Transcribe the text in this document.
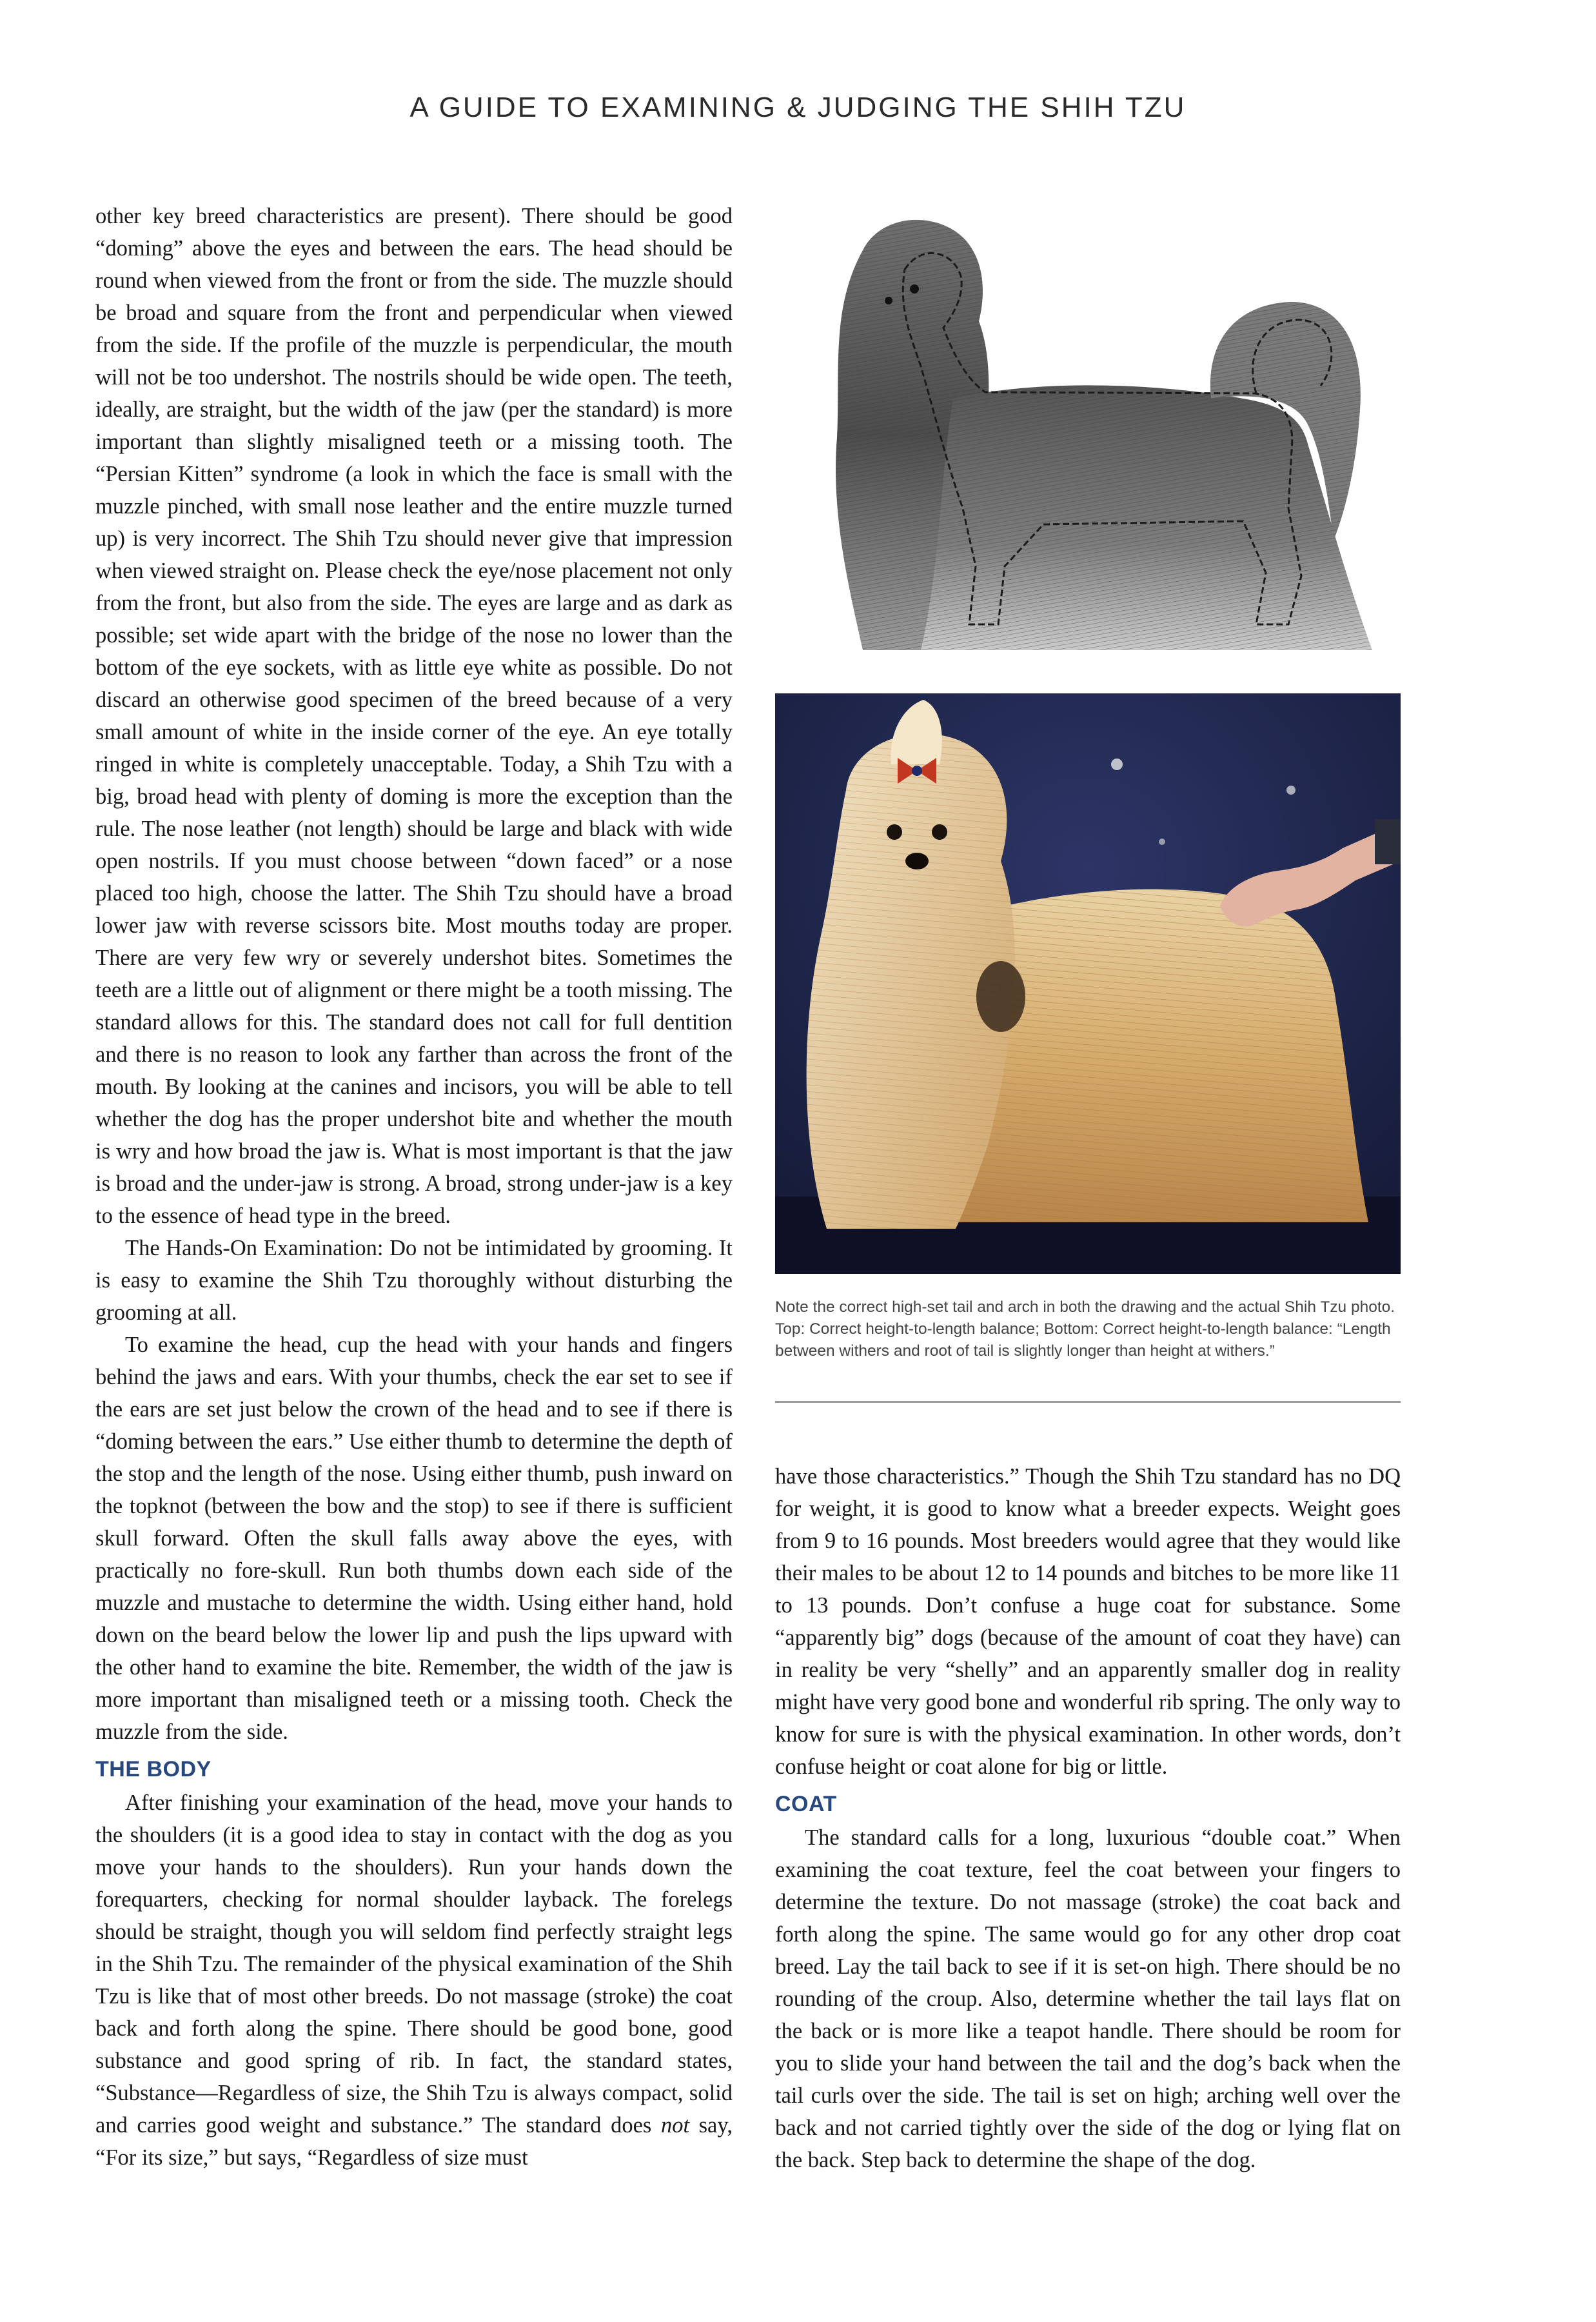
A GUIDE TO EXAMINING & JUDGING THE SHIH TZU

other key breed characteristics are present). There should be good “doming” above the eyes and between the ears. The head should be round when viewed from the front or from the side. The muzzle should be broad and square from the front and perpendicular when viewed from the side. If the profile of the muzzle is perpendicular, the mouth will not be too undershot. The nostrils should be wide open. The teeth, ideally, are straight, but the width of the jaw (per the standard) is more important than slightly misaligned teeth or a missing tooth. The “Persian Kitten” syndrome (a look in which the face is small with the muzzle pinched, with small nose leather and the entire muzzle turned up) is very incorrect. The Shih Tzu should never give that impression when viewed straight on. Please check the eye/nose placement not only from the front, but also from the side. The eyes are large and as dark as possible; set wide apart with the bridge of the nose no lower than the bottom of the eye sockets, with as little eye white as possible. Do not discard an otherwise good specimen of the breed because of a very small amount of white in the inside corner of the eye. An eye totally ringed in white is completely unacceptable. Today, a Shih Tzu with a big, broad head with plenty of doming is more the exception than the rule. The nose leather (not length) should be large and black with wide open nostrils. If you must choose between “down faced” or a nose placed too high, choose the latter. The Shih Tzu should have a broad lower jaw with reverse scissors bite. Most mouths today are proper. There are very few wry or severely undershot bites. Sometimes the teeth are a little out of alignment or there might be a tooth missing. The standard allows for this. The standard does not call for full dentition and there is no reason to look any farther than across the front of the mouth. By looking at the canines and incisors, you will be able to tell whether the dog has the proper undershot bite and whether the mouth is wry and how broad the jaw is. What is most important is that the jaw is broad and the under-jaw is strong. A broad, strong under-jaw is a key to the essence of head type in the breed.

The Hands-On Examination: Do not be intimidated by grooming. It is easy to examine the Shih Tzu thoroughly without disturbing the grooming at all.

To examine the head, cup the head with your hands and fingers behind the jaws and ears. With your thumbs, check the ear set to see if the ears are set just below the crown of the head and to see if there is “doming between the ears.” Use either thumb to determine the depth of the stop and the length of the nose. Using either thumb, push inward on the topknot (between the bow and the stop) to see if there is sufficient skull forward. Often the skull falls away above the eyes, with practically no fore-skull. Run both thumbs down each side of the muzzle and mustache to determine the width. Using either hand, hold down on the beard below the lower lip and push the lips upward with the other hand to examine the bite. Remember, the width of the jaw is more important than misaligned teeth or a missing tooth. Check the muzzle from the side.

THE BODY

After finishing your examination of the head, move your hands to the shoulders (it is a good idea to stay in contact with the dog as you move your hands to the shoulders). Run your hands down the forequarters, checking for normal shoulder layback. The forelegs should be straight, though you will seldom find perfectly straight legs in the Shih Tzu. The remainder of the physical examination of the Shih Tzu is like that of most other breeds. Do not massage (stroke) the coat back and forth along the spine. There should be good bone, good substance and good spring of rib. In fact, the standard states, “Substance—Regardless of size, the Shih Tzu is always compact, solid and carries good weight and substance.” The standard does not say, “For its size,” but says, “Regardless of size must

Note the correct high-set tail and arch in both the drawing and the actual Shih Tzu photo. Top: Correct height-to-length balance; Bottom: Correct height-to-length balance: “Length between withers and root of tail is slightly longer than height at withers.”

have those characteristics.” Though the Shih Tzu standard has no DQ for weight, it is good to know what a breeder expects. Weight goes from 9 to 16 pounds. Most breeders would agree that they would like their males to be about 12 to 14 pounds and bitches to be more like 11 to 13 pounds. Don’t confuse a huge coat for substance. Some “apparently big” dogs (because of the amount of coat they have) can in reality be very “shelly” and an apparently smaller dog in reality might have very good bone and wonderful rib spring. The only way to know for sure is with the physical examination. In other words, don’t confuse height or coat alone for big or little.

COAT

The standard calls for a long, luxurious “double coat.” When examining the coat texture, feel the coat between your fingers to determine the texture. Do not massage (stroke) the coat back and forth along the spine. The same would go for any other drop coat breed. Lay the tail back to see if it is set-on high. There should be no rounding of the croup. Also, determine whether the tail lays flat on the back or is more like a teapot handle. There should be room for you to slide your hand between the tail and the dog’s back when the tail curls over the side. The tail is set on high; arching well over the back and not carried tightly over the side of the dog or lying flat on the back. Step back to determine the shape of the dog.
